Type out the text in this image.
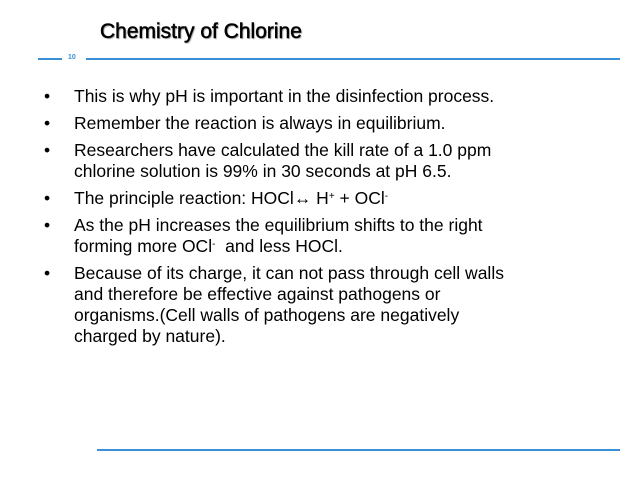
Chemistry of Chlorine
10
• This is why pH is important in the disinfection process.
• Remember the reaction is always in equilibrium.
• Researchers have calculated the kill rate of a 1.0 ppm
chlorine solution is 99% in 30 seconds at pH 6.5.
• The principle reaction: HOCl↔ H+ + OCl-
• As the pH increases the equilibrium shifts to the right
forming more OCl-  and less HOCl.
• Because of its charge, it can not pass through cell walls
and therefore be effective against pathogens or
organisms.(Cell walls of pathogens are negatively
charged by nature).
